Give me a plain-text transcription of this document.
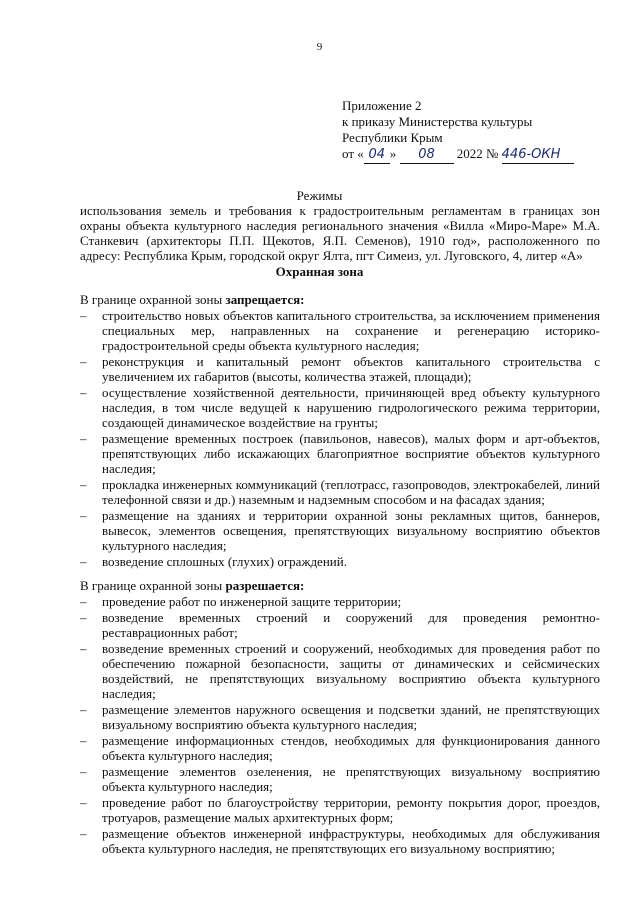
9
Приложение 2
к приказу Министерства культуры
Республики Крым
от « 04 » 08 2022 № 446-ОКН
Режимы
использования земель и требования к градостроительным регламентам в границах зон охраны объекта культурного наследия регионального значения «Вилла «Миро-Маре» М.А. Станкевич (архитекторы П.П. Щекотов, Я.П. Семенов), 1910 год», расположенного по адресу: Республика Крым, городской округ Ялта, пгт Симеиз, ул. Луговского, 4, литер «А»
Охранная зона
В границе охранной зоны запрещается:
–	строительство новых объектов капитального строительства, за исключением применения специальных мер, направленных на сохранение и регенерацию историко-градостроительной среды объекта культурного наследия;
–	реконструкция и капитальный ремонт объектов капитального строительства с увеличением их габаритов (высоты, количества этажей, площади);
–	осуществление хозяйственной деятельности, причиняющей вред объекту культурного наследия, в том числе ведущей к нарушению гидрологического режима территории, создающей динамическое воздействие на грунты;
–	размещение временных построек (павильонов, навесов), малых форм и арт-объектов, препятствующих либо искажающих благоприятное восприятие объектов культурного наследия;
–	прокладка инженерных коммуникаций (теплотрасс, газопроводов, электрокабелей, линий телефонной связи и др.) наземным и надземным способом и на фасадах здания;
–	размещение на зданиях и территории охранной зоны рекламных щитов, баннеров, вывесок, элементов освещения, препятствующих визуальному восприятию объектов культурного наследия;
–	возведение сплошных (глухих) ограждений.
В границе охранной зоны разрешается:
–	проведение работ по инженерной защите территории;
–	возведение временных строений и сооружений для проведения ремонтно-реставрационных работ;
–	возведение временных строений и сооружений, необходимых для проведения работ по обеспечению пожарной безопасности, защиты от динамических и сейсмических воздействий, не препятствующих визуальному восприятию объекта культурного наследия;
–	размещение элементов наружного освещения и подсветки зданий, не препятствующих визуальному восприятию объекта культурного наследия;
–	размещение информационных стендов, необходимых для функционирования данного объекта культурного наследия;
–	размещение элементов озеленения, не препятствующих визуальному восприятию объекта культурного наследия;
–	проведение работ по благоустройству территории, ремонту покрытия дорог, проездов, тротуаров, размещение малых архитектурных форм;
–	размещение объектов инженерной инфраструктуры, необходимых для обслуживания объекта культурного наследия, не препятствующих его визуальному восприятию;
